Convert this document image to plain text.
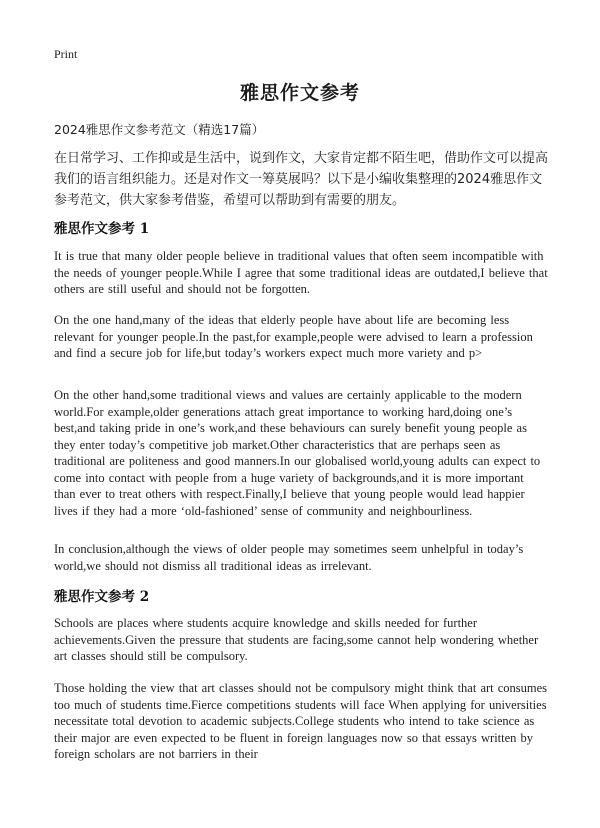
Print
雅思作文参考
2024雅思作文参考范文（精选17篇）

在日常学习、工作抑或是生活中，说到作文，大家肯定都不陌生吧，借助作文可以提高我们的语言组织能力。还是对作文一筹莫展吗？以下是小编收集整理的2024雅思作文参考范文，供大家参考借鉴，希望可以帮助到有需要的朋友。

雅思作文参考 1

It is true that many older people believe in traditional values that often seem incompatible with the needs of younger people.While I agree that some traditional ideas are outdated,I believe that others are still useful and should not be forgotten.

On the one hand,many of the ideas that elderly people have about life are becoming less relevant for younger people.In the past,for example,people were advised to learn a profession and find a secure job for life,but today’s workers expect much more variety and p>

On the other hand,some traditional views and values are certainly applicable to the modern world.For example,older generations attach great importance to working hard,doing one’s best,and taking pride in one’s work,and these behaviours can surely benefit young people as they enter today’s competitive job market.Other characteristics that are perhaps seen as traditional are politeness and good manners.In our globalised world,young adults can expect to come into contact with people from a huge variety of backgrounds,and it is more important than ever to treat others with respect.Finally,I believe that young people would lead happier lives if they had a more ‘old-fashioned’ sense of community and neighbourliness.

In conclusion,although the views of older people may sometimes seem unhelpful in today’s world,we should not dismiss all traditional ideas as irrelevant.

雅思作文参考 2

Schools are places where students acquire knowledge and skills needed for further achievements.Given the pressure that students are facing,some cannot help wondering whether art classes should still be compulsory.

Those holding the view that art classes should not be compulsory might think that art consumes too much of students time.Fierce competitions students will face When applying for universities necessitate total devotion to academic subjects.College students who intend to take science as their major are even expected to be fluent in foreign languages now so that essays written by foreign scholars are not barriers in their
